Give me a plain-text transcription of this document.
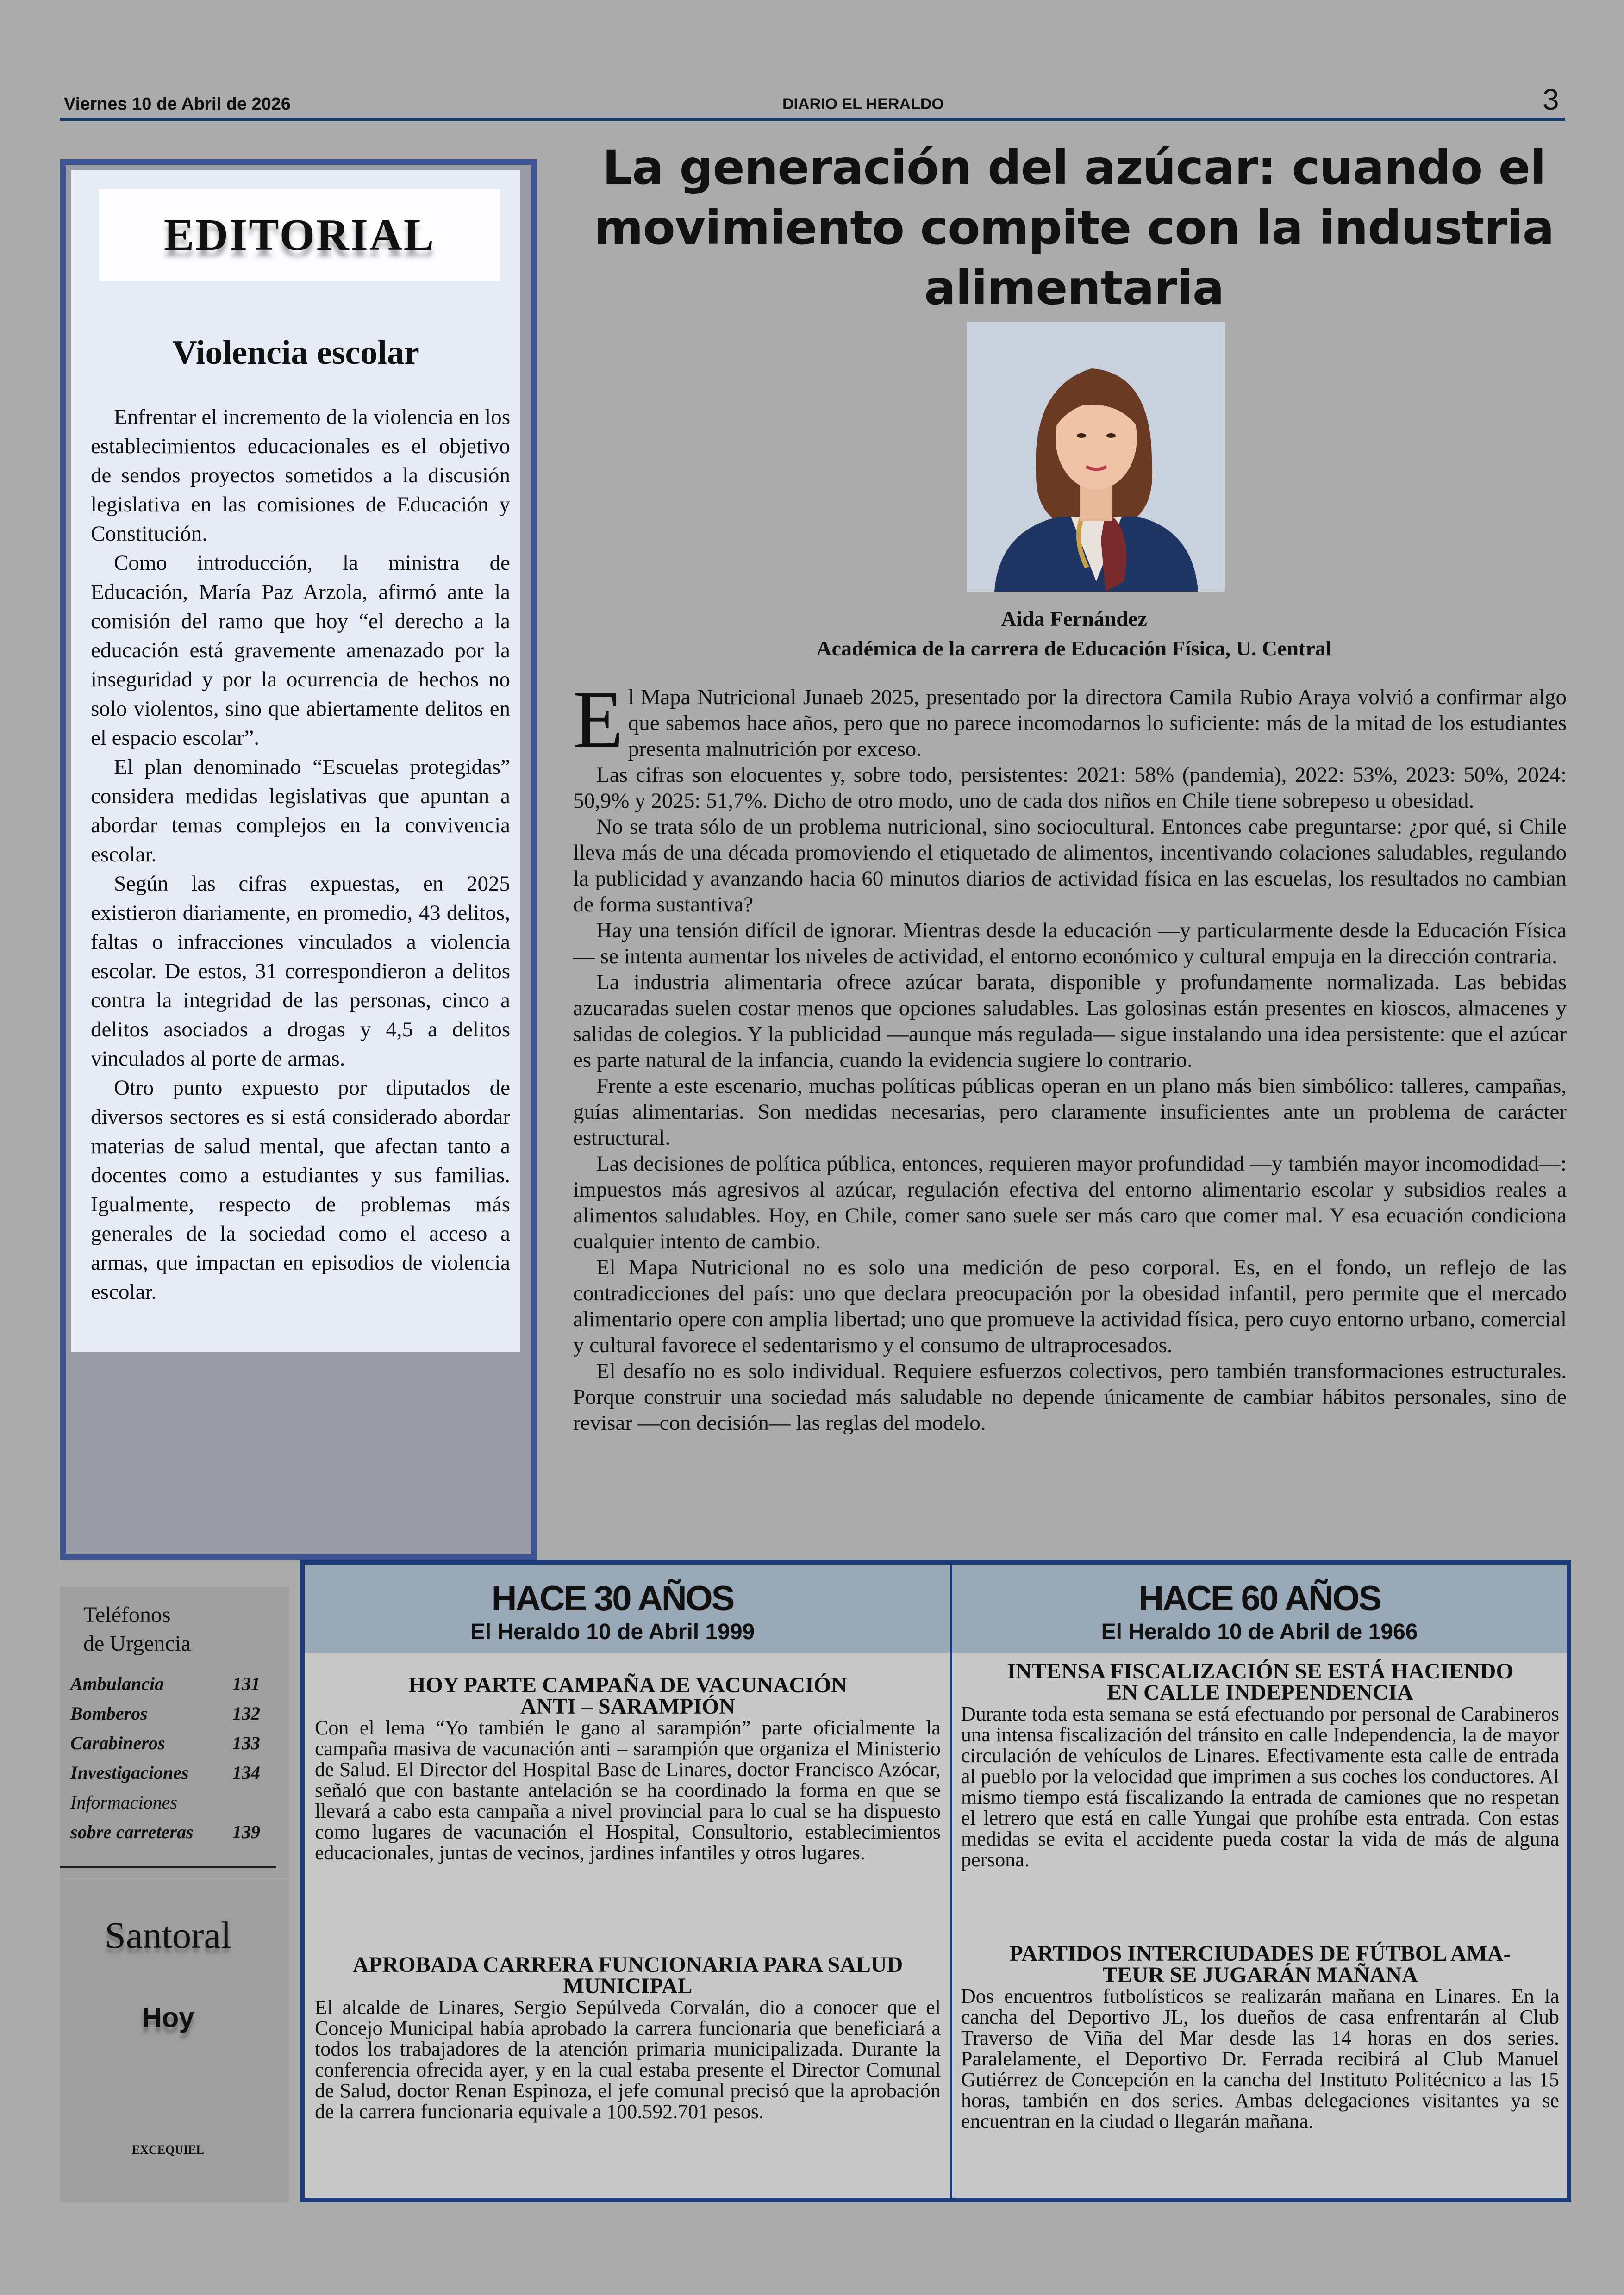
Viernes 10 de Abril de 2026	DIARIO EL HERALDO	3
EDITORIAL
Violencia escolar

Enfrentar el incremento de la violencia en los establecimientos educacionales es el objetivo de sendos proyectos sometidos a la discusión legislativa en las comisiones de Educación y Constitución.

Como introducción, la ministra de Educación, María Paz Arzola, afirmó ante la comisión del ramo que hoy “el derecho a la educación está gravemente amenazado por la inseguridad y por la ocurrencia de hechos no solo violentos, sino que abiertamente delitos en el espacio escolar”.

El plan denominado “Escuelas protegidas” considera medidas legislativas que apuntan a abordar temas complejos en la convivencia escolar.

Según las cifras expuestas, en 2025 existieron diariamente, en promedio, 43 delitos, faltas o infracciones vinculados a violencia escolar. De estos, 31 correspondieron a delitos contra la integridad de las personas, cinco a delitos asociados a drogas y 4,5 a delitos vinculados al porte de armas.

Otro punto expuesto por diputados de diversos sectores es si está considerado abordar materias de salud mental, que afectan tanto a docentes como a estudiantes y sus familias. Igualmente, respecto de problemas más generales de la sociedad como el acceso a armas, que impactan en episodios de violencia escolar.

La generación del azúcar: cuando el movimiento compite con la industria alimentaria
Aida Fernández
Académica de la carrera de Educación Física, U. Central

El Mapa Nutricional Junaeb 2025, presentado por la directora Camila Rubio Araya volvió a confirmar algo que sabemos hace años, pero que no parece incomodarnos lo suficiente: más de la mitad de los estudiantes presenta malnutrición por exceso.

Las cifras son elocuentes y, sobre todo, persistentes: 2021: 58% (pandemia), 2022: 53%, 2023: 50%, 2024: 50,9% y 2025: 51,7%. Dicho de otro modo, uno de cada dos niños en Chile tiene sobrepeso u obesidad.

No se trata sólo de un problema nutricional, sino sociocultural. Entonces cabe preguntarse: ¿por qué, si Chile lleva más de una década promoviendo el etiquetado de alimentos, incentivando colaciones saludables, regulando la publicidad y avanzando hacia 60 minutos diarios de actividad física en las escuelas, los resultados no cambian de forma sustantiva?

Hay una tensión difícil de ignorar. Mientras desde la educación —y particularmente desde la Educación Física— se intenta aumentar los niveles de actividad, el entorno económico y cultural empuja en la dirección contraria.

La industria alimentaria ofrece azúcar barata, disponible y profundamente normalizada. Las bebidas azucaradas suelen costar menos que opciones saludables. Las golosinas están presentes en kioscos, almacenes y salidas de colegios. Y la publicidad —aunque más regulada— sigue instalando una idea persistente: que el azúcar es parte natural de la infancia, cuando la evidencia sugiere lo contrario.

Frente a este escenario, muchas políticas públicas operan en un plano más bien simbólico: talleres, campañas, guías alimentarias. Son medidas necesarias, pero claramente insuficientes ante un problema de carácter estructural.

Las decisiones de política pública, entonces, requieren mayor profundidad —y también mayor incomodidad—: impuestos más agresivos al azúcar, regulación efectiva del entorno alimentario escolar y subsidios reales a alimentos saludables. Hoy, en Chile, comer sano suele ser más caro que comer mal. Y esa ecuación condiciona cualquier intento de cambio.

El Mapa Nutricional no es solo una medición de peso corporal. Es, en el fondo, un reflejo de las contradicciones del país: uno que declara preocupación por la obesidad infantil, pero permite que el mercado alimentario opere con amplia libertad; uno que promueve la actividad física, pero cuyo entorno urbano, comercial y cultural favorece el sedentarismo y el consumo de ultraprocesados.

El desafío no es solo individual. Requiere esfuerzos colectivos, pero también transformaciones estructurales. Porque construir una sociedad más saludable no depende únicamente de cambiar hábitos personales, sino de revisar —con decisión— las reglas del modelo.

Teléfonos
de Urgencia
Ambulancia	131
Bomberos	132
Carabineros	133
Investigaciones 134
Informaciones
sobre carreteras 139
Santoral
Hoy
EXCEQUIEL
HACE 30 AÑOS
El Heraldo 10 de Abril 1999
HACE 60 AÑOS
El Heraldo 10 de Abril de 1966
HOY PARTE CAMPAÑA DE VACUNACIÓN
ANTI – SARAMPIÓN
Con el lema “Yo también le gano al sarampión” parte oficialmente la campaña masiva de vacunación anti – sarampión que organiza el Ministerio de Salud. El Director del Hospital Base de Linares, doctor Francisco Azócar, señaló que con bastante antelación se ha coordinado la forma en que se llevará a cabo esta campaña a nivel provincial para lo cual se ha dispuesto como lugares de vacunación el Hospital, Consultorio, establecimientos educacionales, juntas de vecinos, jardines infantiles y otros lugares.
APROBADA CARRERA FUNCIONARIA PARA SALUD
MUNICIPAL
El alcalde de Linares, Sergio Sepúlveda Corvalán, dio a conocer que el Concejo Municipal había aprobado la carrera funcionaria que beneficiará a todos los trabajadores de la atención primaria municipalizada. Durante la conferencia ofrecida ayer, y en la cual estaba presente el Director Comunal de Salud, doctor Renan Espinoza, el jefe comunal precisó que la aprobación de la carrera funcionaria equivale a 100.592.701 pesos.
INTENSA FISCALIZACIÓN SE ESTÁ HACIENDO
EN CALLE INDEPENDENCIA
Durante toda esta semana se está efectuando por personal de Carabineros una intensa fiscalización del tránsito en calle Independencia, la de mayor circulación de vehículos de Linares. Efectivamente esta calle de entrada al pueblo por la velocidad que imprimen a sus coches los conductores. Al mismo tiempo está fiscalizando la entrada de camiones que no respetan el letrero que está en calle Yungai que prohíbe esta entrada. Con estas medidas se evita el accidente pueda costar la vida de más de alguna persona.
PARTIDOS INTERCIUDADES DE FÚTBOL AMA-
TEUR SE JUGARÁN MAÑANA
Dos encuentros futbolísticos se realizarán mañana en Linares. En la cancha del Deportivo JL, los dueños de casa enfrentarán al Club Traverso de Viña del Mar desde las 14 horas en dos series. Paralelamente, el Deportivo Dr. Ferrada recibirá al Club Manuel Gutiérrez de Concepción en la cancha del Instituto Politécnico a las 15 horas, también en dos series. Ambas delegaciones visitantes ya se encuentran en la ciudad o llegarán mañana.
